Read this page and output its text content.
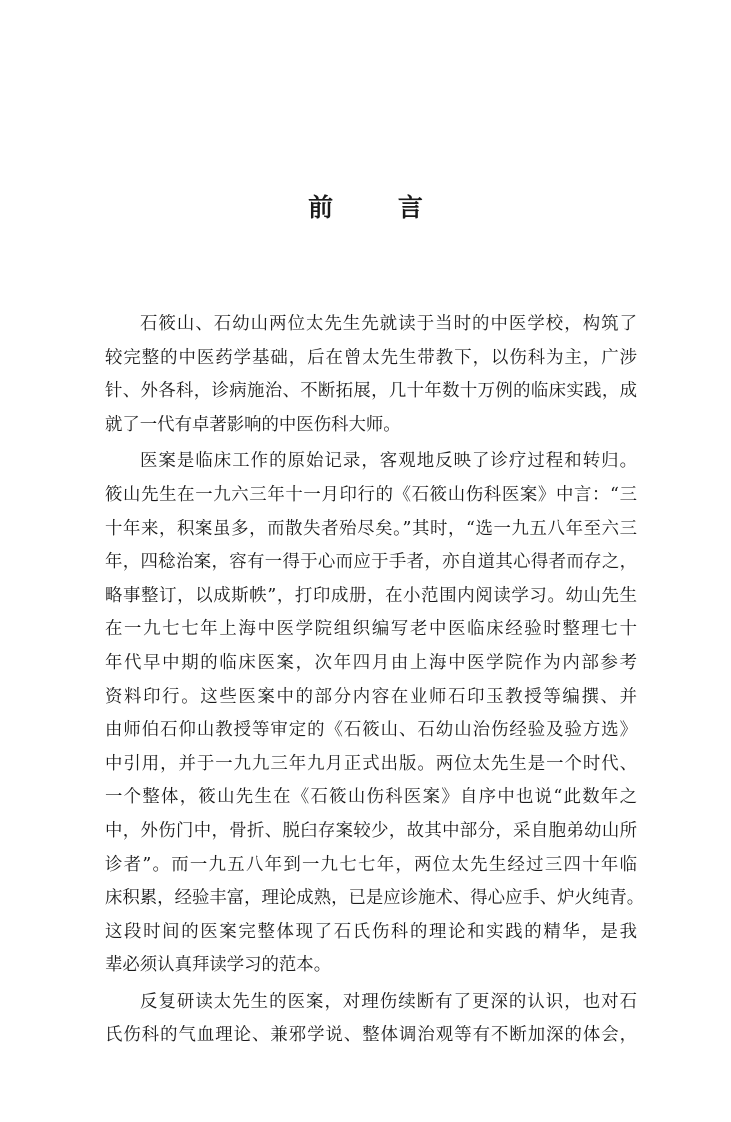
前 言
石筱山、石幼山两位太先生先就读于当时的中医学校，构筑了
较完整的中医药学基础，后在曾太先生带教下，以伤科为主，广涉
针、外各科，诊病施治、不断拓展，几十年数十万例的临床实践，成
就了一代有卓著影响的中医伤科大师。
医案是临床工作的原始记录，客观地反映了诊疗过程和转归。
筱山先生在一九六三年十一月印行的《石筱山伤科医案》中言：“三
十年来，积案虽多，而散失者殆尽矣。”其时，“选一九五八年至六三
年，四稔治案，容有一得于心而应于手者，亦自道其心得者而存之，
略事整订，以成斯帙”，打印成册，在小范围内阅读学习。幼山先生
在一九七七年上海中医学院组织编写老中医临床经验时整理七十
年代早中期的临床医案，次年四月由上海中医学院作为内部参考
资料印行。这些医案中的部分内容在业师石印玉教授等编撰、并
由师伯石仰山教授等审定的《石筱山、石幼山治伤经验及验方选》
中引用，并于一九九三年九月正式出版。两位太先生是一个时代、
一个整体，筱山先生在《石筱山伤科医案》自序中也说“此数年之
中，外伤门中，骨折、脱臼存案较少，故其中部分，采自胞弟幼山所
诊者”。而一九五八年到一九七七年，两位太先生经过三四十年临
床积累，经验丰富，理论成熟，已是应诊施术、得心应手、炉火纯青。
这段时间的医案完整体现了石氏伤科的理论和实践的精华，是我
辈必须认真拜读学习的范本。
反复研读太先生的医案，对理伤续断有了更深的认识，也对石
氏伤科的气血理论、兼邪学说、整体调治观等有不断加深的体会，
